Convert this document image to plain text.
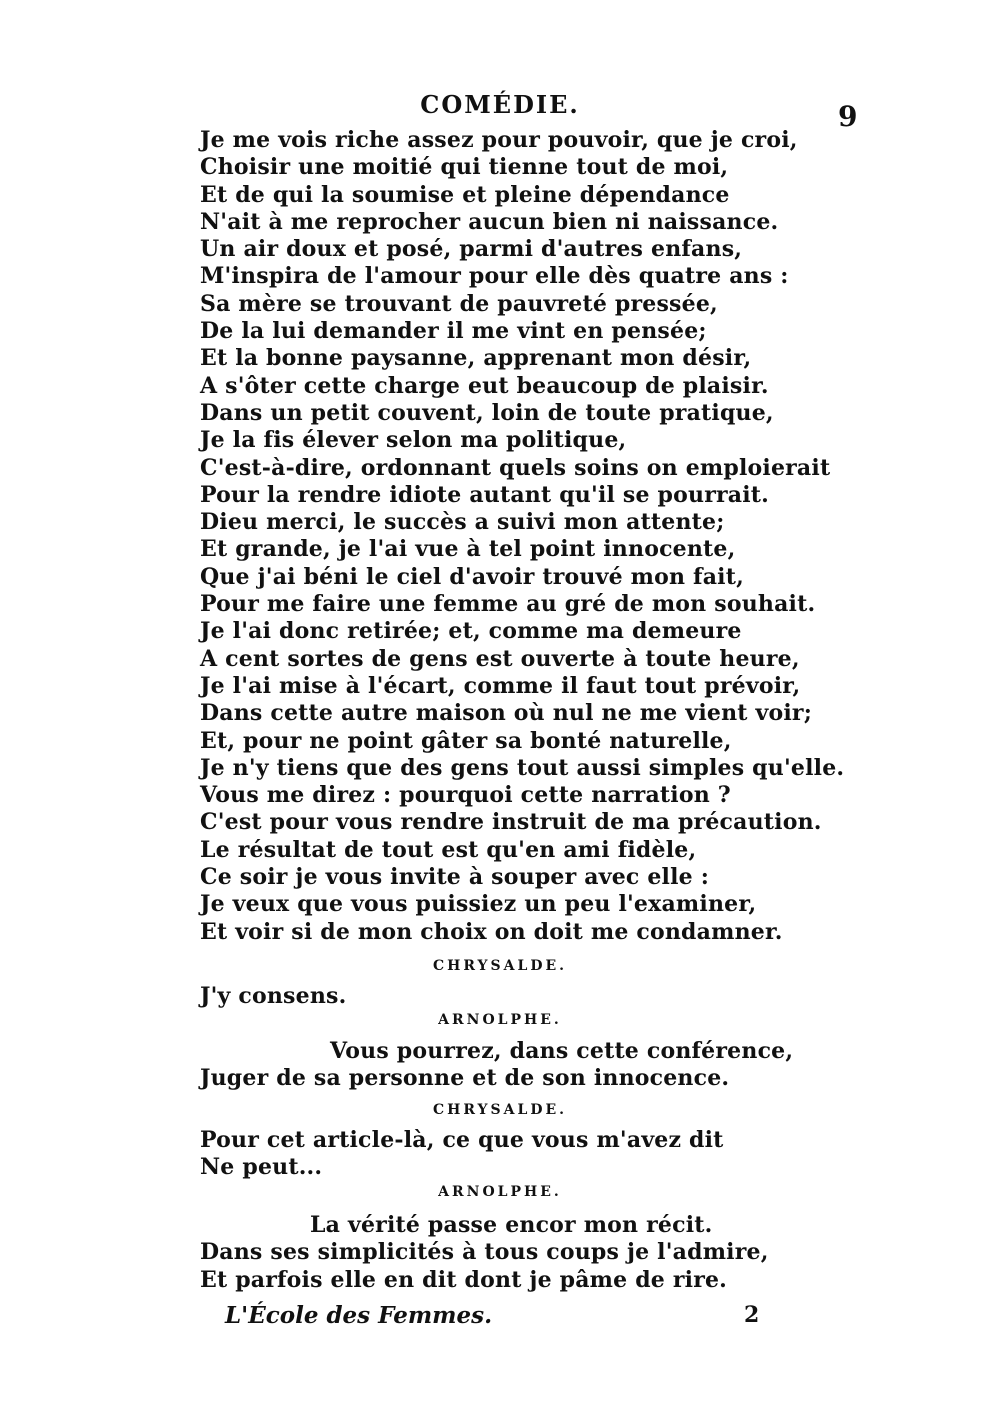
COMÉDIE.	9
Je me vois riche assez pour pouvoir, que je croi,
Choisir une moitié qui tienne tout de moi,
Et de qui la soumise et pleine dépendance
N'ait à me reprocher aucun bien ni naissance.
Un air doux et posé, parmi d'autres enfans,
M'inspira de l'amour pour elle dès quatre ans :
Sa mère se trouvant de pauvreté pressée,
De la lui demander il me vint en pensée;
Et la bonne paysanne, apprenant mon désir,
A s'ôter cette charge eut beaucoup de plaisir.
Dans un petit couvent, loin de toute pratique,
Je la fis élever selon ma politique,
C'est-à-dire, ordonnant quels soins on emploierait
Pour la rendre idiote autant qu'il se pourrait.
Dieu merci, le succès a suivi mon attente;
Et grande, je l'ai vue à tel point innocente,
Que j'ai béni le ciel d'avoir trouvé mon fait,
Pour me faire une femme au gré de mon souhait.
Je l'ai donc retirée; et, comme ma demeure
A cent sortes de gens est ouverte à toute heure,
Je l'ai mise à l'écart, comme il faut tout prévoir,
Dans cette autre maison où nul ne me vient voir;
Et, pour ne point gâter sa bonté naturelle,
Je n'y tiens que des gens tout aussi simples qu'elle.
Vous me direz : pourquoi cette narration ?
C'est pour vous rendre instruit de ma précaution.
Le résultat de tout est qu'en ami fidèle,
Ce soir je vous invite à souper avec elle :
Je veux que vous puissiez un peu l'examiner,
Et voir si de mon choix on doit me condamner.
CHRYSALDE.
J'y consens.
ARNOLPHE.
Vous pourrez, dans cette conférence,
Juger de sa personne et de son innocence.
CHRYSALDE.
Pour cet article-là, ce que vous m'avez dit
Ne peut...
ARNOLPHE.
La vérité passe encor mon récit.
Dans ses simplicités à tous coups je l'admire,
Et parfois elle en dit dont je pâme de rire.
L'École des Femmes.	2
